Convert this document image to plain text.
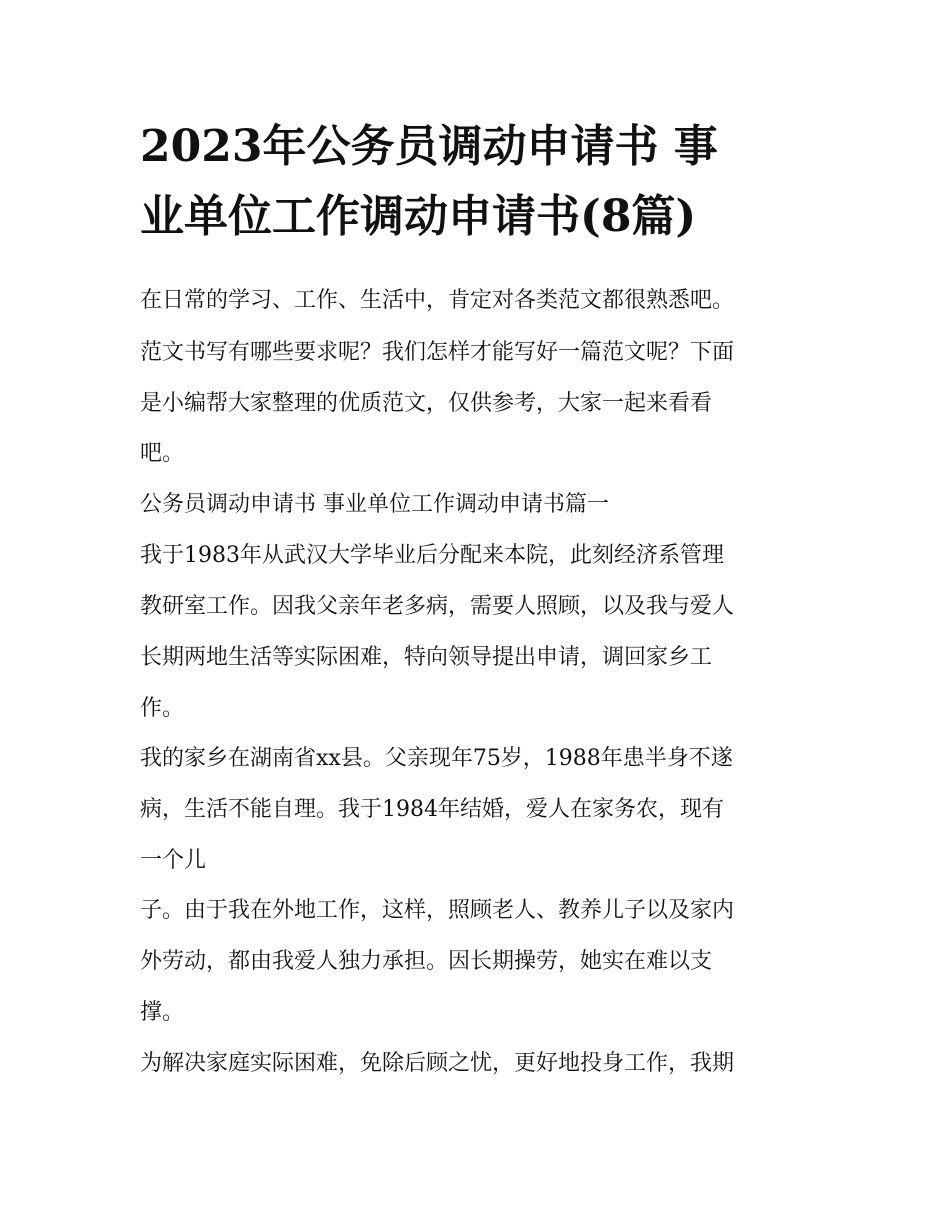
2023年公务员调动申请书 事
业单位工作调动申请书(8篇)

在日常的学习、工作、生活中，肯定对各类范文都很熟悉吧。

范文书写有哪些要求呢？我们怎样才能写好一篇范文呢？下面

是小编帮大家整理的优质范文，仅供参考，大家一起来看看

吧。

公务员调动申请书 事业单位工作调动申请书篇一

我于1983年从武汉大学毕业后分配来本院，此刻经济系管理

教研室工作。因我父亲年老多病，需要人照顾，以及我与爱人

长期两地生活等实际困难，特向领导提出申请，调回家乡工

作。

我的家乡在湖南省xx县。父亲现年75岁，1988年患半身不遂

病，生活不能自理。我于1984年结婚，爱人在家务农，现有

一个儿

子。由于我在外地工作，这样，照顾老人、教养儿子以及家内

外劳动，都由我爱人独力承担。因长期操劳，她实在难以支

撑。

为解决家庭实际困难，免除后顾之忧，更好地投身工作，我期
